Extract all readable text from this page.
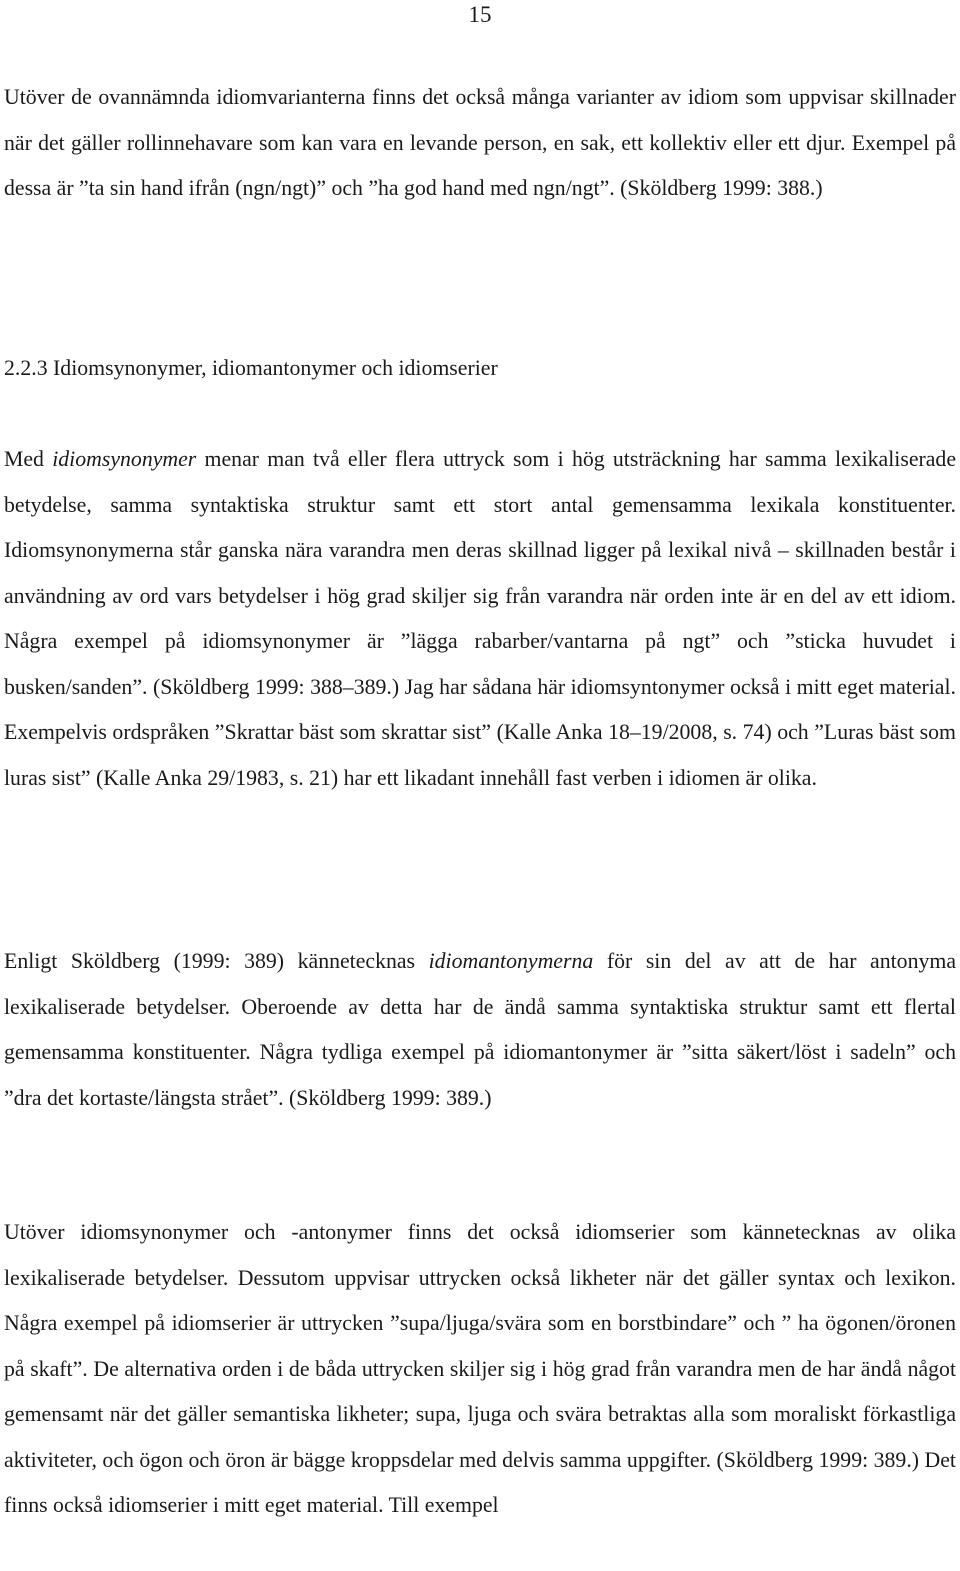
15

Utöver de ovannämnda idiomvarianterna finns det också många varianter av idiom som uppvisar skillnader när det gäller rollinnehavare som kan vara en levande person, en sak, ett kollektiv eller ett djur. Exempel på dessa är ”ta sin hand ifrån (ngn/ngt)” och ”ha god hand med ngn/ngt”. (Sköldberg 1999: 388.)

2.2.3 Idiomsynonymer, idiomantonymer och idiomserier

Med idiomsynonymer menar man två eller flera uttryck som i hög utsträckning har samma lexikaliserade betydelse, samma syntaktiska struktur samt ett stort antal gemensamma lexikala konstituenter. Idiomsynonymerna står ganska nära varandra men deras skillnad ligger på lexikal nivå – skillnaden består i användning av ord vars betydelser i hög grad skiljer sig från varandra när orden inte är en del av ett idiom. Några exempel på idiomsynonymer är ”lägga rabarber/vantarna på ngt” och ”sticka huvudet i busken/sanden”. (Sköldberg 1999: 388–389.) Jag har sådana här idiomsyntonymer också i mitt eget material. Exempelvis ordspråken ”Skrattar bäst som skrattar sist” (Kalle Anka 18–19/2008, s. 74) och ”Luras bäst som luras sist” (Kalle Anka 29/1983, s. 21) har ett likadant innehåll fast verben i idiomen är olika.

Enligt Sköldberg (1999: 389) kännetecknas idiomantonymerna för sin del av att de har antonyma lexikaliserade betydelser. Oberoende av detta har de ändå samma syntaktiska struktur samt ett flertal gemensamma konstituenter. Några tydliga exempel på idiomantonymer är ”sitta säkert/löst i sadeln” och ”dra det kortaste/längsta strået”. (Sköldberg 1999: 389.)

Utöver idiomsynonymer och -antonymer finns det också idiomserier som kännetecknas av olika lexikaliserade betydelser. Dessutom uppvisar uttrycken också likheter när det gäller syntax och lexikon. Några exempel på idiomserier är uttrycken ”supa/ljuga/svära som en borstbindare” och ” ha ögonen/öronen på skaft”. De alternativa orden i de båda uttrycken skiljer sig i hög grad från varandra men de har ändå något gemensamt när det gäller semantiska likheter; supa, ljuga och svära betraktas alla som moraliskt förkastliga aktiviteter, och ögon och öron är bägge kroppsdelar med delvis samma uppgifter. (Sköldberg 1999: 389.) Det finns också idiomserier i mitt eget material. Till exempel
